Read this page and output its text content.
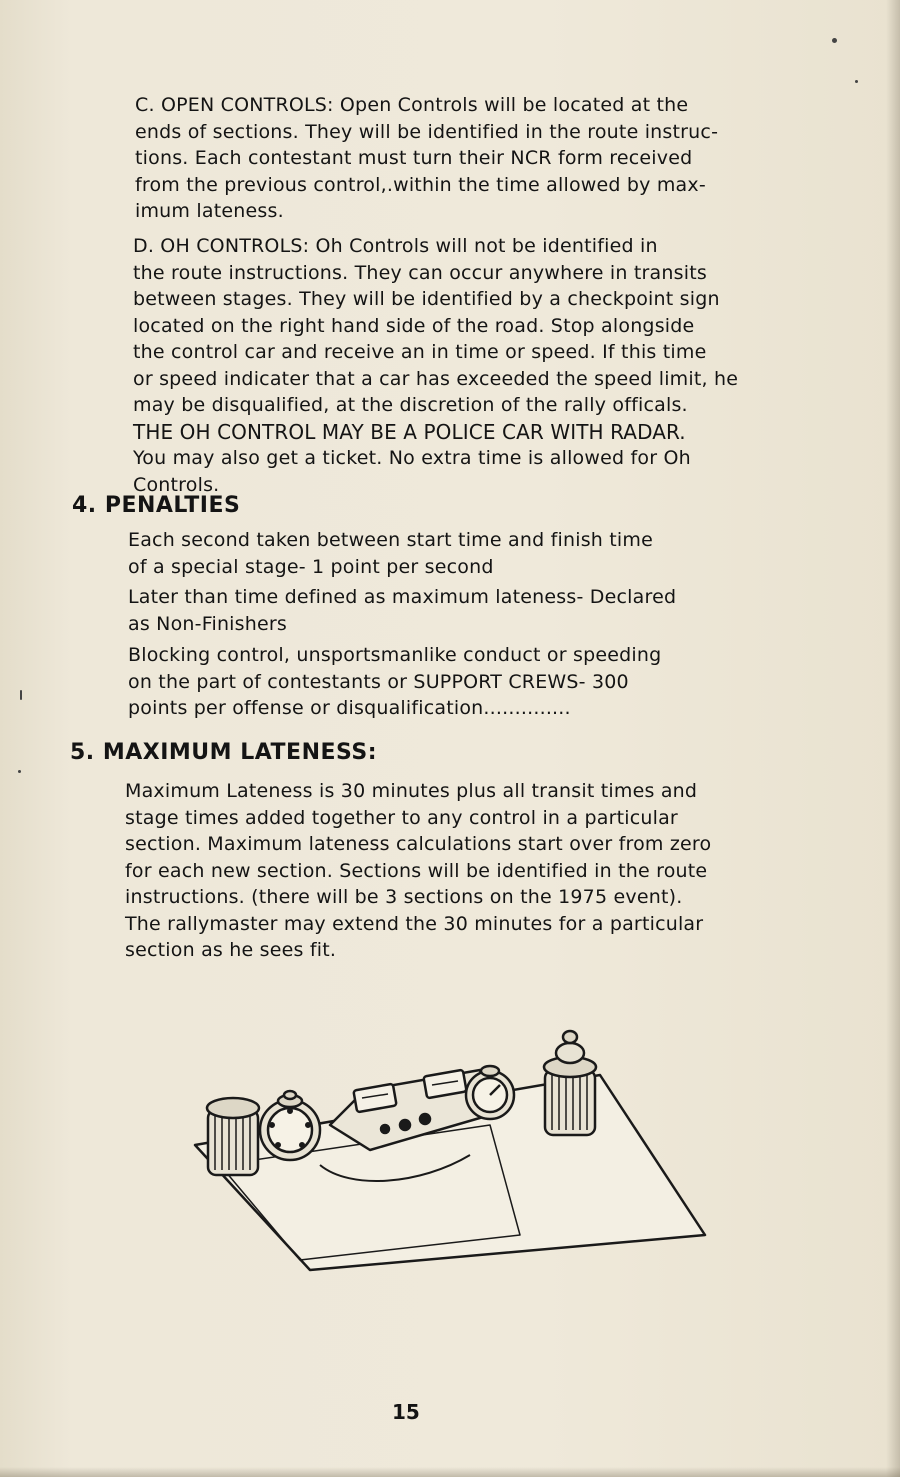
C. OPEN CONTROLS: Open Controls will be located at the
ends of sections. They will be identified in the route instruc-
tions. Each contestant must turn their NCR form received
from the previous control,.within the time allowed by max-
imum lateness.
D. OH CONTROLS: Oh Controls will not be identified in
the route instructions. They can occur anywhere in transits
between stages. They will be identified by a checkpoint sign
located on the right hand side of the road. Stop alongside
the control car and receive an in time or speed. If this time
or speed indicater that a car has exceeded the speed limit, he
may be disqualified, at the discretion of the rally officals.
THE OH CONTROL MAY BE A POLICE CAR WITH RADAR.
You may also get a ticket. No extra time is allowed for Oh
Controls.
4. PENALTIES
Each second taken between start time and finish time
of a special stage- 1 point per second
Later than time defined as maximum lateness- Declared
as Non-Finishers
Blocking control, unsportsmanlike conduct or speeding
on the part of contestants or SUPPORT CREWS- 300
points per offense or disqualification..............
5. MAXIMUM LATENESS:
Maximum Lateness is 30 minutes plus all transit times and
stage times added together to any control in a particular
section. Maximum lateness calculations start over from zero
for each new section. Sections will be identified in the route
instructions. (there will be 3 sections on the 1975 event).
The rallymaster may extend the 30 minutes for a particular
section as he sees fit.
15
